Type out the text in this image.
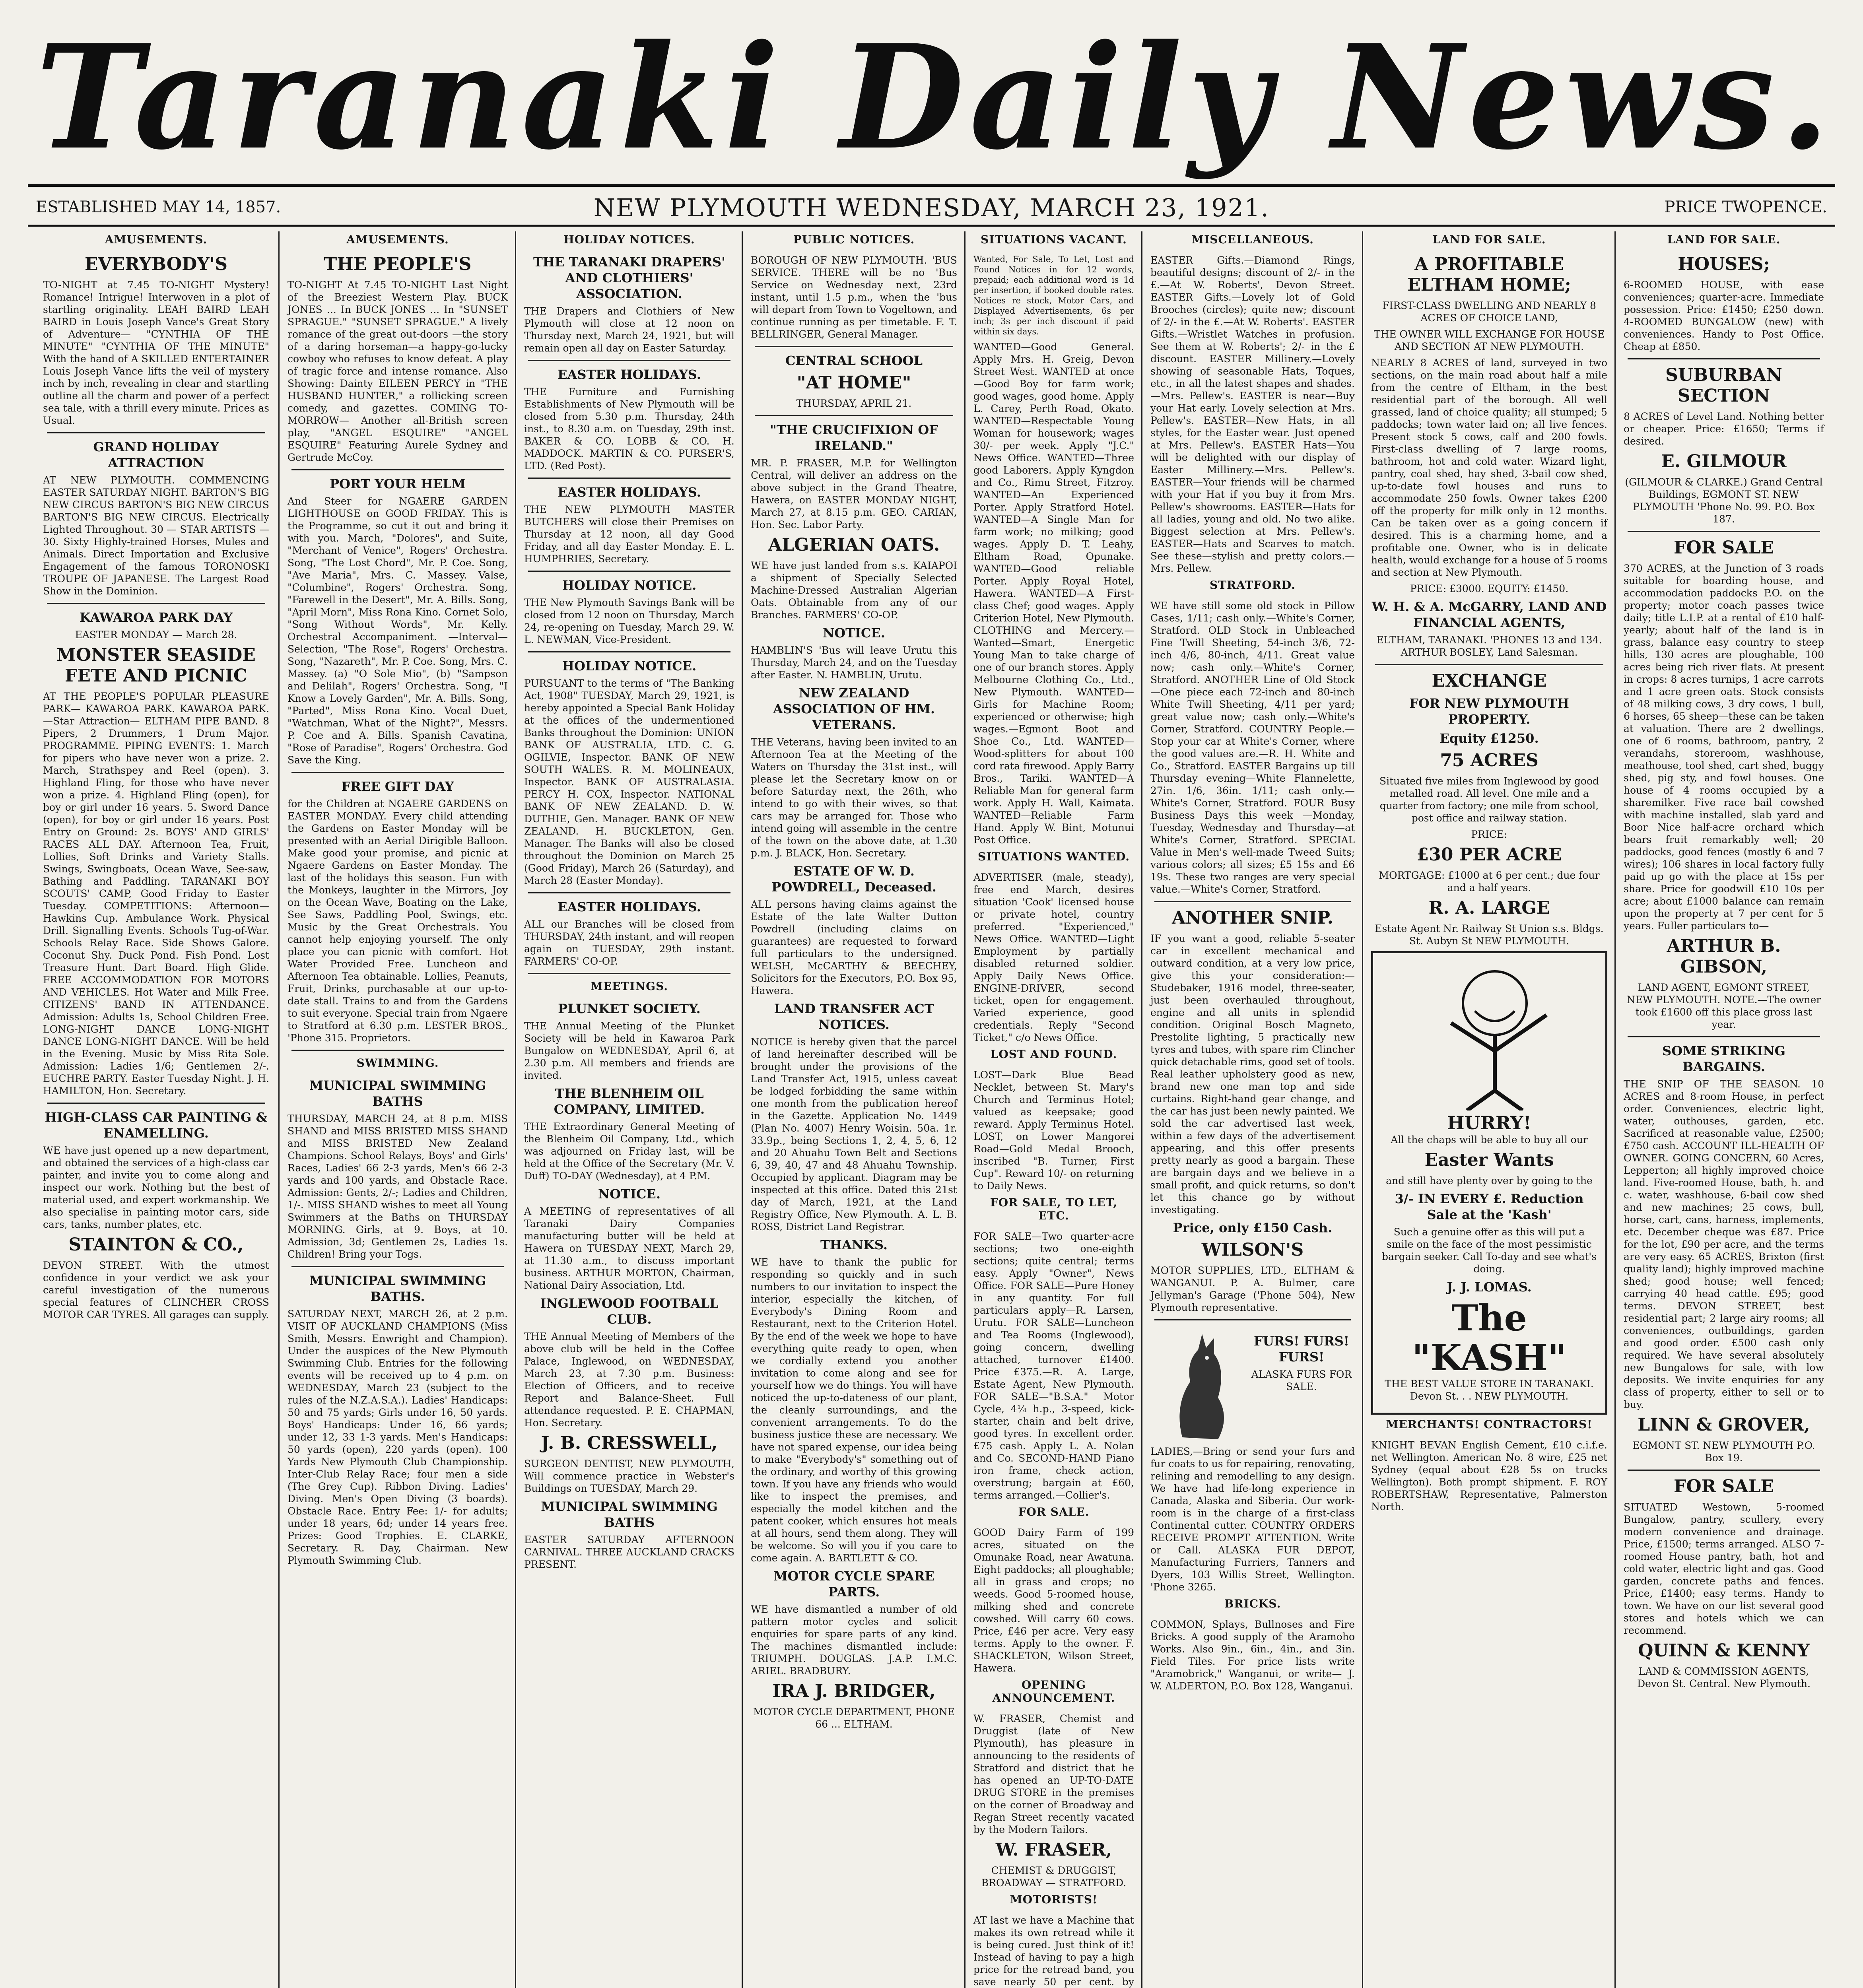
Taranaki Daily News.
ESTABLISHED MAY 14, 1857.	NEW PLYMOUTH WEDNESDAY, MARCH 23, 1921.	PRICE TWOPENCE.
AMUSEMENTS.
EVERYBODY'S
TO-NIGHT at 7.45 TO-NIGHT Mystery! Romance! Intrigue! Interwoven in a plot of startling originality. LEAH BAIRD LEAH BAIRD in Louis Joseph Vance's Great Story of Adventure— "CYNTHIA OF THE MINUTE" "CYNTHIA OF THE MINUTE" With the hand of A SKILLED ENTERTAINER Louis Joseph Vance lifts the veil of mystery inch by inch, revealing in clear and startling outline all the charm and power of a perfect sea tale, with a thrill every minute. Prices as Usual.
GRAND HOLIDAY ATTRACTION
AT NEW PLYMOUTH. COMMENCING EASTER SATURDAY NIGHT. BARTON'S BIG NEW CIRCUS BARTON'S BIG NEW CIRCUS BARTON'S BIG NEW CIRCUS. Electrically Lighted Throughout. 30 — STAR ARTISTS — 30. Sixty Highly-trained Horses, Mules and Animals. Direct Importation and Exclusive Engagement of the famous TORONOSKI TROUPE OF JAPANESE. The Largest Road Show in the Dominion.
KAWAROA PARK DAY
EASTER MONDAY — March 28.
MONSTER SEASIDE FETE AND PICNIC
AT THE PEOPLE'S POPULAR PLEASURE PARK— KAWAROA PARK. KAWAROA PARK. —Star Attraction— ELTHAM PIPE BAND. 8 Pipers, 2 Drummers, 1 Drum Major. PROGRAMME. PIPING EVENTS: 1. March for pipers who have never won a prize. 2. March, Strathspey and Reel (open). 3. Highland Fling, for those who have never won a prize. 4. Highland Fling (open), for boy or girl under 16 years. 5. Sword Dance (open), for boy or girl under 16 years. Post Entry on Ground: 2s. BOYS' AND GIRLS' RACES ALL DAY. Afternoon Tea, Fruit, Lollies, Soft Drinks and Variety Stalls. Swings, Swingboats, Ocean Wave, See-saw, Bathing and Paddling. TARANAKI BOY SCOUTS' CAMP, Good Friday to Easter Tuesday. COMPETITIONS: Afternoon— Hawkins Cup. Ambulance Work. Physical Drill. Signalling Events. Schools Tug-of-War. Schools Relay Race. Side Shows Galore. Coconut Shy. Duck Pond. Fish Pond. Lost Treasure Hunt. Dart Board. High Glide. FREE ACCOMMODATION FOR MOTORS AND VEHICLES. Hot Water and Milk Free. CITIZENS' BAND IN ATTENDANCE. Admission: Adults 1s, School Children Free. LONG-NIGHT DANCE LONG-NIGHT DANCE LONG-NIGHT DANCE. Will be held in the Evening. Music by Miss Rita Sole. Admission: Ladies 1/6; Gentlemen 2/-. EUCHRE PARTY. Easter Tuesday Night. J. H. HAMILTON, Hon. Secretary.
HIGH-CLASS CAR PAINTING & ENAMELLING.
WE have just opened up a new department, and obtained the services of a high-class car painter, and invite you to come along and inspect our work. Nothing but the best of material used, and expert workmanship. We also specialise in painting motor cars, side cars, tanks, number plates, etc.
STAINTON & CO.,
DEVON STREET. With the utmost confidence in your verdict we ask your careful investigation of the numerous special features of CLINCHER CROSS MOTOR CAR TYRES. All garages can supply.
AMUSEMENTS.
THE PEOPLE'S
TO-NIGHT At 7.45 TO-NIGHT Last Night of the Breeziest Western Play. BUCK JONES ... In BUCK JONES ... In "SUNSET SPRAGUE." "SUNSET SPRAGUE." A lively romance of the great out-doors —the story of a daring horseman—a happy-go-lucky cowboy who refuses to know defeat. A play of tragic force and intense romance. Also Showing: Dainty EILEEN PERCY in "THE HUSBAND HUNTER," a rollicking screen comedy, and gazettes. COMING TO-MORROW— Another all-British screen play, "ANGEL ESQUIRE" "ANGEL ESQUIRE" Featuring Aurele Sydney and Gertrude McCoy.
PORT YOUR HELM
And Steer for NGAERE GARDEN LIGHTHOUSE on GOOD FRIDAY. This is the Programme, so cut it out and bring it with you. March, "Dolores", and Suite, "Merchant of Venice", Rogers' Orchestra. Song, "The Lost Chord", Mr. P. Coe. Song, "Ave Maria", Mrs. C. Massey. Valse, "Columbine", Rogers' Orchestra. Song, "Farewell in the Desert", Mr. A. Bills. Song, "April Morn", Miss Rona Kino. Cornet Solo, "Song Without Words", Mr. Kelly. Orchestral Accompaniment. —Interval— Selection, "The Rose", Rogers' Orchestra. Song, "Nazareth", Mr. P. Coe. Song, Mrs. C. Massey. (a) "O Sole Mio", (b) "Sampson and Delilah", Rogers' Orchestra. Song, "I Know a Lovely Garden", Mr. A. Bills. Song, "Parted", Miss Rona Kino. Vocal Duet, "Watchman, What of the Night?", Messrs. P. Coe and A. Bills. Spanish Cavatina, "Rose of Paradise", Rogers' Orchestra. God Save the King.
FREE GIFT DAY
for the Children at NGAERE GARDENS on EASTER MONDAY. Every child attending the Gardens on Easter Monday will be presented with an Aerial Dirigible Balloon. Make good your promise, and picnic at Ngaere Gardens on Easter Monday. The last of the holidays this season. Fun with the Monkeys, laughter in the Mirrors, Joy on the Ocean Wave, Boating on the Lake, See Saws, Paddling Pool, Swings, etc. Music by the Great Orchestrals. You cannot help enjoying yourself. The only place you can picnic with comfort. Hot Water Provided Free. Luncheon and Afternoon Tea obtainable. Lollies, Peanuts, Fruit, Drinks, purchasable at our up-to-date stall. Trains to and from the Gardens to suit everyone. Special train from Ngaere to Stratford at 6.30 p.m. LESTER BROS., 'Phone 315. Proprietors.
SWIMMING.
MUNICIPAL SWIMMING BATHS
THURSDAY, MARCH 24, at 8 p.m. MISS SHAND and MISS BRISTED MISS SHAND and MISS BRISTED New Zealand Champions. School Relays, Boys' and Girls' Races, Ladies' 66 2-3 yards, Men's 66 2-3 yards and 100 yards, and Obstacle Race. Admission: Gents, 2/-; Ladies and Children, 1/-. MISS SHAND wishes to meet all Young Swimmers at the Baths on THURSDAY MORNING. Girls, at 9. Boys, at 10. Admission, 3d; Gentlemen 2s, Ladies 1s. Children! Bring your Togs.
MUNICIPAL SWIMMING BATHS.
SATURDAY NEXT, MARCH 26, at 2 p.m. VISIT OF AUCKLAND CHAMPIONS (Miss Smith, Messrs. Enwright and Champion). Under the auspices of the New Plymouth Swimming Club. Entries for the following events will be received up to 4 p.m. on WEDNESDAY, March 23 (subject to the rules of the N.Z.A.S.A.). Ladies' Handicaps: 50 and 75 yards; Girls under 16, 50 yards. Boys' Handicaps: Under 16, 66 yards; under 12, 33 1-3 yards. Men's Handicaps: 50 yards (open), 220 yards (open). 100 Yards New Plymouth Club Championship. Inter-Club Relay Race; four men a side (The Grey Cup). Ribbon Diving. Ladies' Diving. Men's Open Diving (3 boards). Obstacle Race. Entry Fee: 1/- for adults; under 18 years, 6d; under 14 years free. Prizes: Good Trophies. E. CLARKE, Secretary. R. Day, Chairman. New Plymouth Swimming Club.
HOLIDAY NOTICES.
THE TARANAKI DRAPERS' AND CLOTHIERS' ASSOCIATION.
THE Drapers and Clothiers of New Plymouth will close at 12 noon on Thursday next, March 24, 1921, but will remain open all day on Easter Saturday.
EASTER HOLIDAYS.
THE Furniture and Furnishing Establishments of New Plymouth will be closed from 5.30 p.m. Thursday, 24th inst., to 8.30 a.m. on Tuesday, 29th inst. BAKER & CO. LOBB & CO. H. MADDOCK. MARTIN & CO. PURSER'S, LTD. (Red Post).
EASTER HOLIDAYS.
THE NEW PLYMOUTH MASTER BUTCHERS will close their Premises on Thursday at 12 noon, all day Good Friday, and all day Easter Monday. E. L. HUMPHRIES, Secretary.
HOLIDAY NOTICE.
THE New Plymouth Savings Bank will be closed from 12 noon on Thursday, March 24, re-opening on Tuesday, March 29. W. L. NEWMAN, Vice-President.
HOLIDAY NOTICE.
PURSUANT to the terms of "The Banking Act, 1908" TUESDAY, March 29, 1921, is hereby appointed a Special Bank Holiday at the offices of the undermentioned Banks throughout the Dominion: UNION BANK OF AUSTRALIA, LTD. C. G. OGILVIE, Inspector. BANK OF NEW SOUTH WALES. R. M. MOLINEAUX, Inspector. BANK OF AUSTRALASIA. PERCY H. COX, Inspector. NATIONAL BANK OF NEW ZEALAND. D. W. DUTHIE, Gen. Manager. BANK OF NEW ZEALAND. H. BUCKLETON, Gen. Manager. The Banks will also be closed throughout the Dominion on March 25 (Good Friday), March 26 (Saturday), and March 28 (Easter Monday).
EASTER HOLIDAYS.
ALL our Branches will be closed from THURSDAY, 24th instant, and will reopen again on TUESDAY, 29th instant. FARMERS' CO-OP.
MEETINGS.
PLUNKET SOCIETY.
THE Annual Meeting of the Plunket Society will be held in Kawaroa Park Bungalow on WEDNESDAY, April 6, at 2.30 p.m. All members and friends are invited.
THE BLENHEIM OIL COMPANY, LIMITED.
THE Extraordinary General Meeting of the Blenheim Oil Company, Ltd., which was adjourned on Friday last, will be held at the Office of the Secretary (Mr. V. Duff) TO-DAY (Wednesday), at 4 P.M.
NOTICE.
A MEETING of representatives of all Taranaki Dairy Companies manufacturing butter will be held at Hawera on TUESDAY NEXT, March 29, at 11.30 a.m., to discuss important business. ARTHUR MORTON, Chairman, National Dairy Association, Ltd.
INGLEWOOD FOOTBALL CLUB.
THE Annual Meeting of Members of the above club will be held in the Coffee Palace, Inglewood, on WEDNESDAY, March 23, at 7.30 p.m. Business: Election of Officers, and to receive Report and Balance-Sheet. Full attendance requested. P. E. CHAPMAN, Hon. Secretary.
J. B. CRESSWELL,
SURGEON DENTIST, NEW PLYMOUTH, Will commence practice in Webster's Buildings on TUESDAY, March 29.
MUNICIPAL SWIMMING BATHS
EASTER SATURDAY AFTERNOON CARNIVAL. THREE AUCKLAND CRACKS PRESENT.
PUBLIC NOTICES.
BOROUGH OF NEW PLYMOUTH. 'BUS SERVICE. THERE will be no 'Bus Service on Wednesday next, 23rd instant, until 1.5 p.m., when the 'bus will depart from Town to Vogeltown, and continue running as per timetable. F. T. BELLRINGER, General Manager.
CENTRAL SCHOOL
"AT HOME"
THURSDAY, APRIL 21.
"THE CRUCIFIXION OF IRELAND."
MR. P. FRASER, M.P. for Wellington Central, will deliver an address on the above subject in the Grand Theatre, Hawera, on EASTER MONDAY NIGHT, March 27, at 8.15 p.m. GEO. CARIAN, Hon. Sec. Labor Party.
ALGERIAN OATS.
WE have just landed from s.s. KAIAPOI a shipment of Specially Selected Machine-Dressed Australian Algerian Oats. Obtainable from any of our Branches. FARMERS' CO-OP.
NOTICE.
HAMBLIN'S 'Bus will leave Urutu this Thursday, March 24, and on the Tuesday after Easter. N. HAMBLIN, Urutu.
NEW ZEALAND ASSOCIATION OF HM. VETERANS.
THE Veterans, having been invited to an Afternoon Tea at the Meeting of the Waters on Thursday the 31st inst., will please let the Secretary know on or before Saturday next, the 26th, who intend to go with their wives, so that cars may be arranged for. Those who intend going will assemble in the centre of the town on the above date, at 1.30 p.m. J. BLACK, Hon. Secretary.
ESTATE OF W. D. POWDRELL, Deceased.
ALL persons having claims against the Estate of the late Walter Dutton Powdrell (including claims on guarantees) are requested to forward full particulars to the undersigned. WELSH, McCARTHY & BEECHEY, Solicitors for the Executors, P.O. Box 95, Hawera.
LAND TRANSFER ACT NOTICES.
NOTICE is hereby given that the parcel of land hereinafter described will be brought under the provisions of the Land Transfer Act, 1915, unless caveat be lodged forbidding the same within one month from the publication hereof in the Gazette. Application No. 1449 (Plan No. 4007) Henry Woisin. 50a. 1r. 33.9p., being Sections 1, 2, 4, 5, 6, 12 and 20 Ahuahu Town Belt and Sections 6, 39, 40, 47 and 48 Ahuahu Township. Occupied by applicant. Diagram may be inspected at this office. Dated this 21st day of March, 1921, at the Land Registry Office, New Plymouth. A. L. B. ROSS, District Land Registrar.
THANKS.
WE have to thank the public for responding so quickly and in such numbers to our invitation to inspect the interior, especially the kitchen, of Everybody's Dining Room and Restaurant, next to the Criterion Hotel. By the end of the week we hope to have everything quite ready to open, when we cordially extend you another invitation to come along and see for yourself how we do things. You will have noticed the up-to-dateness of our plant, the cleanly surroundings, and the convenient arrangements. To do the business justice these are necessary. We have not spared expense, our idea being to make "Everybody's" something out of the ordinary, and worthy of this growing town. If you have any friends who would like to inspect the premises, and especially the model kitchen and the patent cooker, which ensures hot meals at all hours, send them along. They will be welcome. So will you if you care to come again. A. BARTLETT & CO.
MOTOR CYCLE SPARE PARTS.
WE have dismantled a number of old pattern motor cycles and solicit enquiries for spare parts of any kind. The machines dismantled include: TRIUMPH. DOUGLAS. J.A.P. I.M.C. ARIEL. BRADBURY.
IRA J. BRIDGER,
MOTOR CYCLE DEPARTMENT, PHONE 66 ... ELTHAM.
SITUATIONS VACANT.
Wanted, For Sale, To Let, Lost and Found Notices in for 12 words, prepaid; each additional word is 1d per insertion, if booked double rates. Notices re stock, Motor Cars, and Displayed Advertisements, 6s per inch; 3s per inch discount if paid within six days.
WANTED—Good General. Apply Mrs. H. Greig, Devon Street West. WANTED at once—Good Boy for farm work; good wages, good home. Apply L. Carey, Perth Road, Okato. WANTED—Respectable Young Woman for housework; wages 30/- per week. Apply "J.C." News Office. WANTED—Three good Laborers. Apply Kyngdon and Co., Rimu Street, Fitzroy. WANTED—An Experienced Porter. Apply Stratford Hotel. WANTED—A Single Man for farm work; no milking; good wages. Apply D. T. Leahy, Eltham Road, Opunake. WANTED—Good reliable Porter. Apply Royal Hotel, Hawera. WANTED—A First-class Chef; good wages. Apply Criterion Hotel, New Plymouth. CLOTHING and Mercery.—Wanted—Smart, Energetic Young Man to take charge of one of our branch stores. Apply Melbourne Clothing Co., Ltd., New Plymouth. WANTED—Girls for Machine Room; experienced or otherwise; high wages.—Egmont Boot and Shoe Co., Ltd. WANTED—Wood-splitters for about 100 cord rata firewood. Apply Barry Bros., Tariki. WANTED—A Reliable Man for general farm work. Apply H. Wall, Kaimata. WANTED—Reliable Farm Hand. Apply W. Bint, Motunui Post Office.
SITUATIONS WANTED.
ADVERTISER (male, steady), free end March, desires situation 'Cook' licensed house or private hotel, country preferred. "Experienced," News Office. WANTED—Light Employment by partially disabled returned soldier. Apply Daily News Office. ENGINE-DRIVER, second ticket, open for engagement. Varied experience, good credentials. Reply "Second Ticket," c/o News Office.
LOST AND FOUND.
LOST—Dark Blue Bead Necklet, between St. Mary's Church and Terminus Hotel; valued as keepsake; good reward. Apply Terminus Hotel. LOST, on Lower Mangorei Road—Gold Medal Brooch, inscribed "B. Turner, First Cup". Reward 10/- on returning to Daily News.
FOR SALE, TO LET, ETC.
FOR SALE—Two quarter-acre sections; two one-eighth sections; quite central; terms easy. Apply "Owner", News Office. FOR SALE—Pure Honey in any quantity. For full particulars apply—R. Larsen, Urutu. FOR SALE—Luncheon and Tea Rooms (Inglewood), going concern, dwelling attached, turnover £1400. Price £375.—R. A. Large, Estate Agent, New Plymouth. FOR SALE—"B.S.A." Motor Cycle, 4¼ h.p., 3-speed, kick-starter, chain and belt drive, good tyres. In excellent order. £75 cash. Apply L. A. Nolan and Co. SECOND-HAND Piano iron frame, check action, overstrung; bargain at £60, terms arranged.—Collier's.
FOR SALE.
GOOD Dairy Farm of 199 acres, situated on the Omunake Road, near Awatuna. Eight paddocks; all ploughable; all in grass and crops; no weeds. Good 5-roomed house, milking shed and concrete cowshed. Will carry 60 cows. Price, £46 per acre. Very easy terms. Apply to the owner. F. SHACKLETON, Wilson Street, Hawera.
OPENING ANNOUNCEMENT.
W. FRASER, Chemist and Druggist (late of New Plymouth), has pleasure in announcing to the residents of Stratford and district that he has opened an UP-TO-DATE DRUG STORE in the premises on the corner of Broadway and Regan Street recently vacated by the Modern Tailors.
W. FRASER,
CHEMIST & DRUGGIST, BROADWAY — STRATFORD.
MOTORISTS!
AT last we have a Machine that makes its own retread while it is being cured. Just think of it! Instead of having to pay a high price for the retread band, you save nearly 50 per cent. by
MISCELLANEOUS.
EASTER Gifts.—Diamond Rings, beautiful designs; discount of 2/- in the £.—At W. Roberts', Devon Street. EASTER Gifts.—Lovely lot of Gold Brooches (circles); quite new; discount of 2/- in the £.—At W. Roberts'. EASTER Gifts.—Wristlet Watches in profusion. See them at W. Roberts'; 2/- in the £ discount. EASTER Millinery.—Lovely showing of seasonable Hats, Toques, etc., in all the latest shapes and shades.—Mrs. Pellew's. EASTER is near—Buy your Hat early. Lovely selection at Mrs. Pellew's. EASTER—New Hats, in all styles, for the Easter wear. Just opened at Mrs. Pellew's. EASTER Hats—You will be delighted with our display of Easter Millinery.—Mrs. Pellew's. EASTER—Your friends will be charmed with your Hat if you buy it from Mrs. Pellew's showrooms. EASTER—Hats for all ladies, young and old. No two alike. Biggest selection at Mrs. Pellew's. EASTER—Hats and Scarves to match. See these—stylish and pretty colors.—Mrs. Pellew.
STRATFORD.
WE have still some old stock in Pillow Cases, 1/11; cash only.—White's Corner, Stratford. OLD Stock in Unbleached Fine Twill Sheeting, 54-inch 3/6, 72-inch 4/6, 80-inch, 4/11. Great value now; cash only.—White's Corner, Stratford. ANOTHER Line of Old Stock—One piece each 72-inch and 80-inch White Twill Sheeting, 4/11 per yard; great value now; cash only.—White's Corner, Stratford. COUNTRY People.—Stop your car at White's Corner, where the good values are.—R. H. White and Co., Stratford. EASTER Bargains up till Thursday evening—White Flannelette, 27in. 1/6, 36in. 1/11; cash only.—White's Corner, Stratford. FOUR Busy Business Days this week —Monday, Tuesday, Wednesday and Thursday—at White's Corner, Stratford. SPECIAL Value in Men's well-made Tweed Suits; various colors; all sizes; £5 15s and £6 19s. These two ranges are very special value.—White's Corner, Stratford.
ANOTHER SNIP.
IF you want a good, reliable 5-seater car in excellent mechanical and outward condition, at a very low price, give this your consideration:— Studebaker, 1916 model, three-seater, just been overhauled throughout, engine and all units in splendid condition. Original Bosch Magneto, Prestolite lighting, 5 practically new tyres and tubes, with spare rim Clincher quick detachable rims, good set of tools. Real leather upholstery good as new, brand new one man top and side curtains. Right-hand gear change, and the car has just been newly painted. We sold the car advertised last week, within a few days of the advertisement appearing, and this offer presents pretty nearly as good a bargain. These are bargain days and we believe in a small profit, and quick returns, so don't let this chance go by without investigating.
Price, only £150 Cash.
WILSON'S
MOTOR SUPPLIES, LTD., ELTHAM & WANGANUI. P. A. Bulmer, care Jellyman's Garage ('Phone 504), New Plymouth representative.
FURS! FURS! FURS!
ALASKA FURS FOR SALE.
LADIES,—Bring or send your furs and fur coats to us for repairing, renovating, relining and remodelling to any design. We have had life-long experience in Canada, Alaska and Siberia. Our work-room is in the charge of a first-class Continental cutter. COUNTRY ORDERS RECEIVE PROMPT ATTENTION. Write or Call. ALASKA FUR DEPOT, Manufacturing Furriers, Tanners and Dyers, 103 Willis Street, Wellington. 'Phone 3265.
BRICKS.
COMMON, Splays, Bullnoses and Fire Bricks. A good supply of the Aramoho Works. Also 9in., 6in., 4in., and 3in. Field Tiles. For price lists write "Aramobrick," Wanganui, or write— J. W. ALDERTON, P.O. Box 128, Wanganui.
LAND FOR SALE.
A PROFITABLE ELTHAM HOME;
FIRST-CLASS DWELLING AND NEARLY 8 ACRES OF CHOICE LAND,
THE OWNER WILL EXCHANGE FOR HOUSE AND SECTION AT NEW PLYMOUTH.
NEARLY 8 ACRES of land, surveyed in two sections, on the main road about half a mile from the centre of Eltham, in the best residential part of the borough. All well grassed, land of choice quality; all stumped; 5 paddocks; town water laid on; all live fences. Present stock 5 cows, calf and 200 fowls. First-class dwelling of 7 large rooms, bathroom, hot and cold water. Wizard light, pantry, coal shed, hay shed, 3-bail cow shed, up-to-date fowl houses and runs to accommodate 250 fowls. Owner takes £200 off the property for milk only in 12 months. Can be taken over as a going concern if desired. This is a charming home, and a profitable one. Owner, who is in delicate health, would exchange for a house of 5 rooms and section at New Plymouth.
PRICE: £3000. EQUITY: £1450.
W. H. & A. McGARRY, LAND AND FINANCIAL AGENTS,
ELTHAM, TARANAKI. 'PHONES 13 and 134. ARTHUR BOSLEY, Land Salesman.
EXCHANGE
FOR NEW PLYMOUTH PROPERTY.
Equity £1250.
75 ACRES
Situated five miles from Inglewood by good metalled road. All level. One mile and a quarter from factory; one mile from school, post office and railway station.
PRICE:
£30 PER ACRE
MORTGAGE: £1000 at 6 per cent.; due four and a half years.
R. A. LARGE
Estate Agent Nr. Railway St Union s.s. Bldgs. St. Aubyn St NEW PLYMOUTH.
HURRY!
All the chaps will be able to buy all our
Easter Wants
and still have plenty over by going to the
3/- IN EVERY £. Reduction Sale at the 'Kash'
Such a genuine offer as this will put a smile on the face of the most pessimistic bargain seeker. Call To-day and see what's doing.
J. J. LOMAS.
The "KASH"
THE BEST VALUE STORE IN TARANAKI. Devon St. . . NEW PLYMOUTH.
MERCHANTS! CONTRACTORS!
KNIGHT BEVAN English Cement, £10 c.i.f.e. net Wellington. American No. 8 wire, £25 net Sydney (equal about £28 5s on trucks Wellington). Both prompt shipment. F. ROY ROBERTSHAW, Representative, Palmerston North.
LAND FOR SALE.
HOUSES;
6-ROOMED HOUSE, with ease conveniences; quarter-acre. Immediate possession. Price: £1450; £250 down. 4-ROOMED BUNGALOW (new) with conveniences. Handy to Post Office. Cheap at £850.
SUBURBAN SECTION
8 ACRES of Level Land. Nothing better or cheaper. Price: £1650; Terms if desired.
E. GILMOUR
(GILMOUR & CLARKE.) Grand Central Buildings, EGMONT ST. NEW PLYMOUTH 'Phone No. 99. P.O. Box 187.
FOR SALE
370 ACRES, at the Junction of 3 roads suitable for boarding house, and accommodation paddocks P.O. on the property; motor coach passes twice daily; title L.I.P. at a rental of £10 half-yearly; about half of the land is in grass, balance easy country to steep hills, 130 acres are ploughable, 100 acres being rich river flats. At present in crops: 8 acres turnips, 1 acre carrots and 1 acre green oats. Stock consists of 48 milking cows, 3 dry cows, 1 bull, 6 horses, 65 sheep—these can be taken at valuation. There are 2 dwellings, one of 6 rooms, bathroom, pantry, 2 verandahs, storeroom, washhouse, meathouse, tool shed, cart shed, buggy shed, pig sty, and fowl houses. One house of 4 rooms occupied by a sharemilker. Five race bail cowshed with machine installed, slab yard and Boor Nice half-acre orchard which bears fruit remarkably well; 20 paddocks, good fences (mostly 6 and 7 wires); 106 shares in local factory fully paid up go with the place at 15s per share. Price for goodwill £10 10s per acre; about £1000 balance can remain upon the property at 7 per cent for 5 years. Fuller particulars to—
ARTHUR B. GIBSON,
LAND AGENT, EGMONT STREET, NEW PLYMOUTH. NOTE.—The owner took £1600 off this place gross last year.
SOME STRIKING BARGAINS.
THE SNIP OF THE SEASON. 10 ACRES and 8-room House, in perfect order. Conveniences, electric light, water, outhouses, garden, etc. Sacrificed at reasonable value, £2500; £750 cash. ACCOUNT ILL-HEALTH OF OWNER. GOING CONCERN, 60 Acres, Lepperton; all highly improved choice land. Five-roomed House, bath, h. and c. water, washhouse, 6-bail cow shed and new machines; 25 cows, bull, horse, cart, cans, harness, implements, etc. December cheque was £87. Price for the lot, £90 per acre, and the terms are very easy. 65 ACRES, Brixton (first quality land); highly improved machine shed; good house; well fenced; carrying 40 head cattle. £95; good terms. DEVON STREET, best residential part; 2 large airy rooms; all conveniences, outbuildings, garden and good order. £500 cash only required. We have several absolutely new Bungalows for sale, with low deposits. We invite enquiries for any class of property, either to sell or to buy.
LINN & GROVER,
EGMONT ST. NEW PLYMOUTH P.O. Box 19.
FOR SALE
SITUATED Westown, 5-roomed Bungalow, pantry, scullery, every modern convenience and drainage. Price, £1500; terms arranged. ALSO 7-roomed House pantry, bath, hot and cold water, electric light and gas. Good garden, concrete paths and fences. Price, £1400; easy terms. Handy to town. We have on our list several good stores and hotels which we can recommend.
QUINN & KENNY
LAND & COMMISSION AGENTS, Devon St. Central. New Plymouth.
